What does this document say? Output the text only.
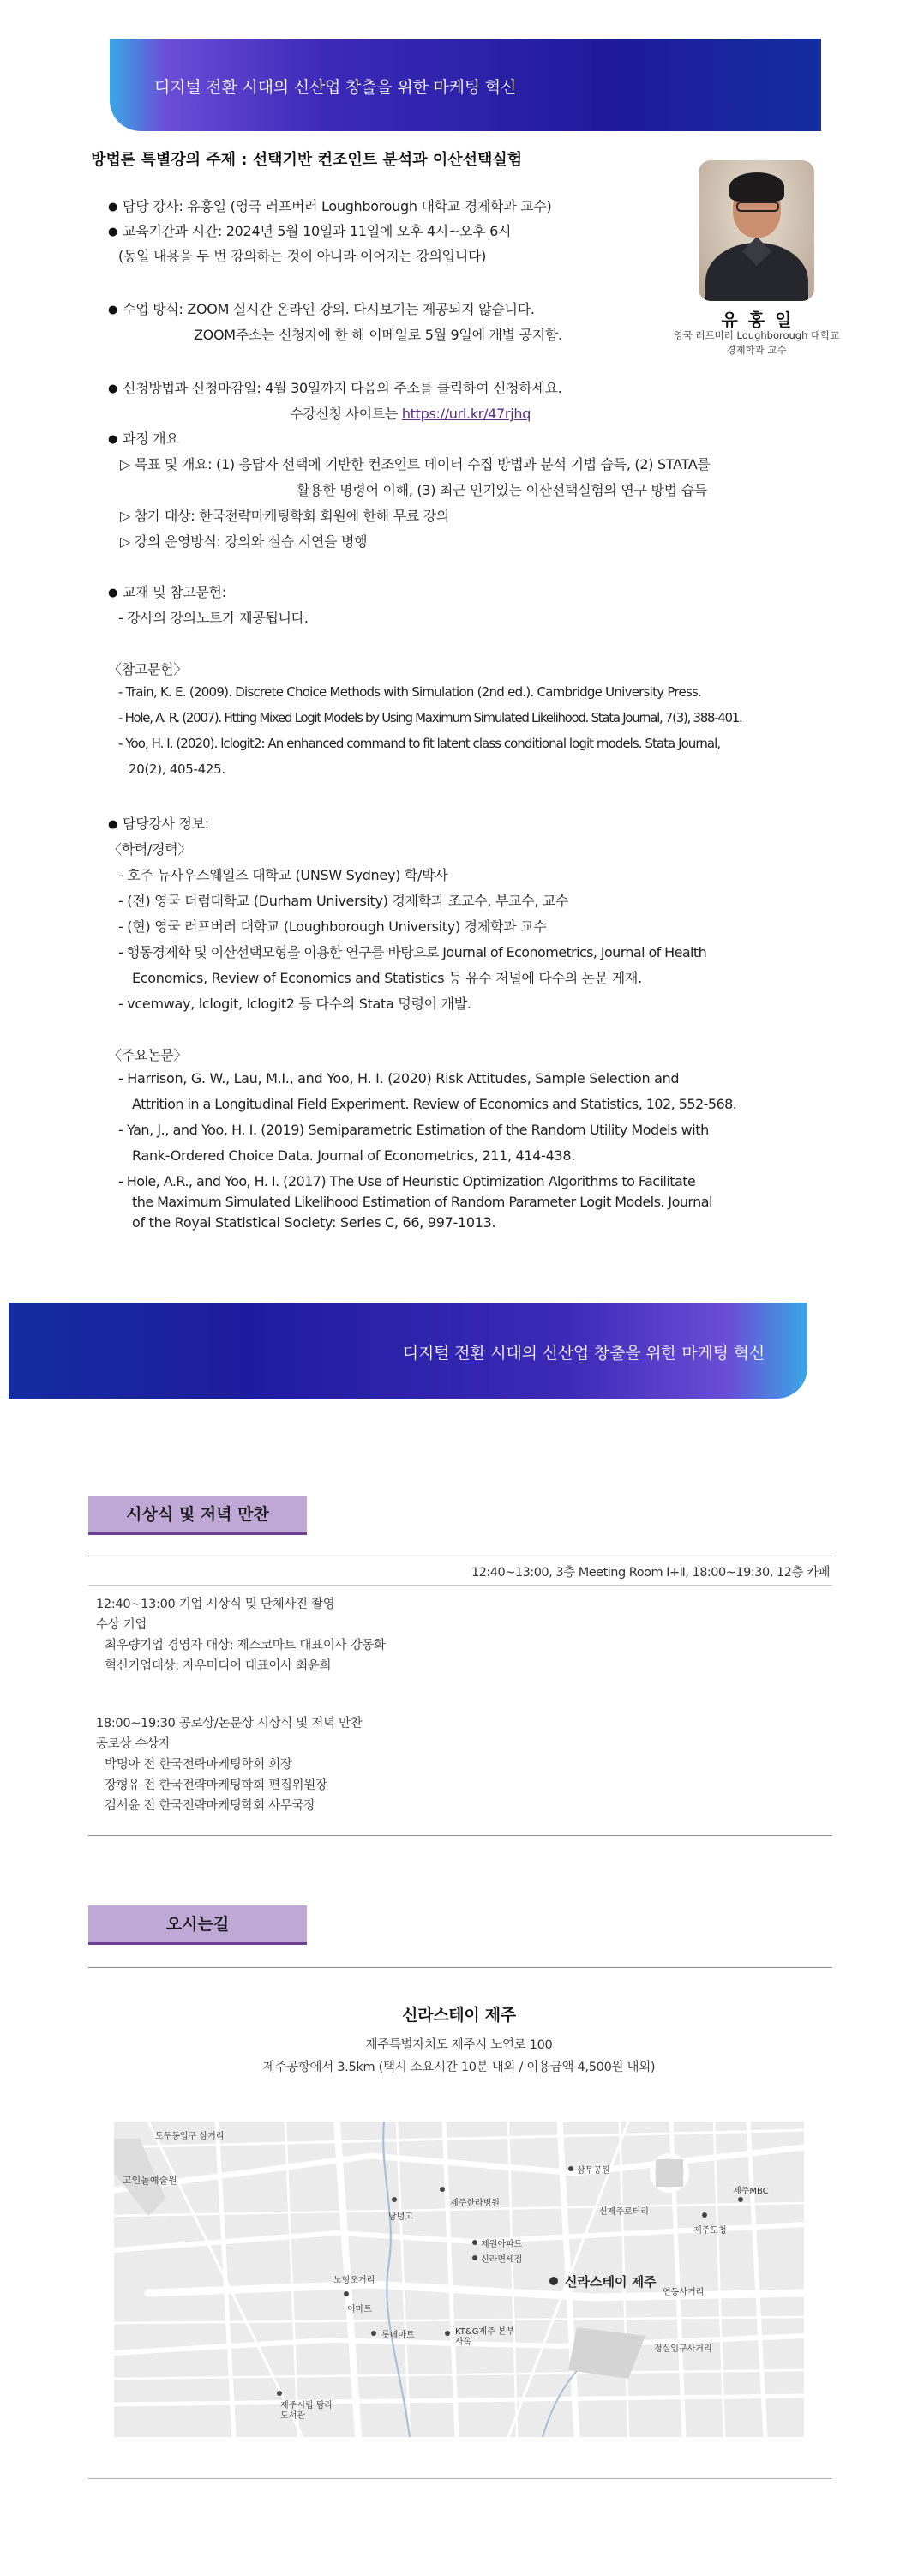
디지털 전환 시대의 신산업 창출을 위한 마케팅 혁신
방법론 특별강의 주제 : 선택기반 컨조인트 분석과 이산선택실험
유홍일
영국 러프버러 Loughborough 대학교
경제학과 교수
● 담당 강사: 유홍일 (영국 러프버러 Loughborough 대학교 경제학과 교수)
● 교육기간과 시간: 2024년 5월 10일과 11일에 오후 4시~오후 6시
(동일 내용을 두 번 강의하는 것이 아니라 이어지는 강의입니다)
● 수업 방식: ZOOM 실시간 온라인 강의. 다시보기는 제공되지 않습니다.
ZOOM주소는 신청자에 한 해 이메일로 5월 9일에 개별 공지함.
● 신청방법과 신청마감일: 4월 30일까지 다음의 주소를 클릭하여 신청하세요.
수강신청 사이트는 https://url.kr/47rjhq
● 과정 개요
▷ 목표 및 개요: (1) 응답자 선택에 기반한 컨조인트 데이터 수집 방법과 분석 기법 습득, (2) STATA를
활용한 명령어 이해, (3) 최근 인기있는 이산선택실험의 연구 방법 습득
▷ 참가 대상: 한국전략마케팅학회 회원에 한해 무료 강의
▷ 강의 운영방식: 강의와 실습 시연을 병행
● 교재 및 참고문헌:
- 강사의 강의노트가 제공됩니다.
〈참고문헌〉
- Train, K. E. (2009). Discrete Choice Methods with Simulation (2nd ed.). Cambridge University Press.
- Hole, A. R. (2007). Fitting Mixed Logit Models by Using Maximum Simulated Likelihood. Stata Journal, 7(3), 388-401.
- Yoo, H. I. (2020). lclogit2: An enhanced command to fit latent class conditional logit models. Stata Journal,
20(2), 405-425.
● 담당강사 정보:
〈학력/경력〉
- 호주 뉴사우스웨일즈 대학교 (UNSW Sydney) 학/박사
- (전) 영국 더럼대학교 (Durham University) 경제학과 조교수, 부교수, 교수
- (현) 영국 러프버러 대학교 (Loughborough University) 경제학과 교수
- 행동경제학 및 이산선택모형을 이용한 연구를 바탕으로 Journal of Econometrics, Journal of Health
Economics, Review of Economics and Statistics 등 유수 저널에 다수의 논문 게재.
- vcemway, lclogit, lclogit2 등 다수의 Stata 명령어 개발.
〈주요논문〉
- Harrison, G. W., Lau, M.I., and Yoo, H. I. (2020) Risk Attitudes, Sample Selection and
Attrition in a Longitudinal Field Experiment. Review of Economics and Statistics, 102, 552-568.
- Yan, J., and Yoo, H. I. (2019) Semiparametric Estimation of the Random Utility Models with
Rank-Ordered Choice Data. Journal of Econometrics, 211, 414-438.
- Hole, A.R., and Yoo, H. I. (2017) The Use of Heuristic Optimization Algorithms to Facilitate
the Maximum Simulated Likelihood Estimation of Random Parameter Logit Models. Journal
of the Royal Statistical Society: Series C, 66, 997-1013.
디지털 전환 시대의 신산업 창출을 위한 마케팅 혁신
시상식 및 저녁 만찬
12:40~13:00, 3층 Meeting Room Ⅰ+Ⅱ, 18:00~19:30, 12층 카페
12:40~13:00 기업 시상식 및 단체사진 촬영
수상 기업
최우량기업 경영자 대상: 제스코마트 대표이사 강동화
혁신기업대상: 자우미디어 대표이사 최윤희
18:00~19:30 공로상/논문상 시상식 및 저녁 만찬
공로상 수상자
박명아 전 한국전략마케팅학회 회장
장형유 전 한국전략마케팅학회 편집위원장
김서윤 전 한국전략마케팅학회 사무국장
오시는길
신라스테이 제주
제주특별자치도 제주시 노연로 100
제주공항에서 3.5km (택시 소요시간 10분 내외 / 이용금액 4,500원 내외)
도두동입구 삼거리
고인돌예술원
삼무공원
제주MBC
남녕고
제주한라병원
신제주로터리
제주도청
제원아파트
신라면세점
노형오거리
이마트
신라스테이 제주
연동사거리
롯데마트	KT&G제주 본부사옥
정실입구사거리
제주시립 탐라도서관
